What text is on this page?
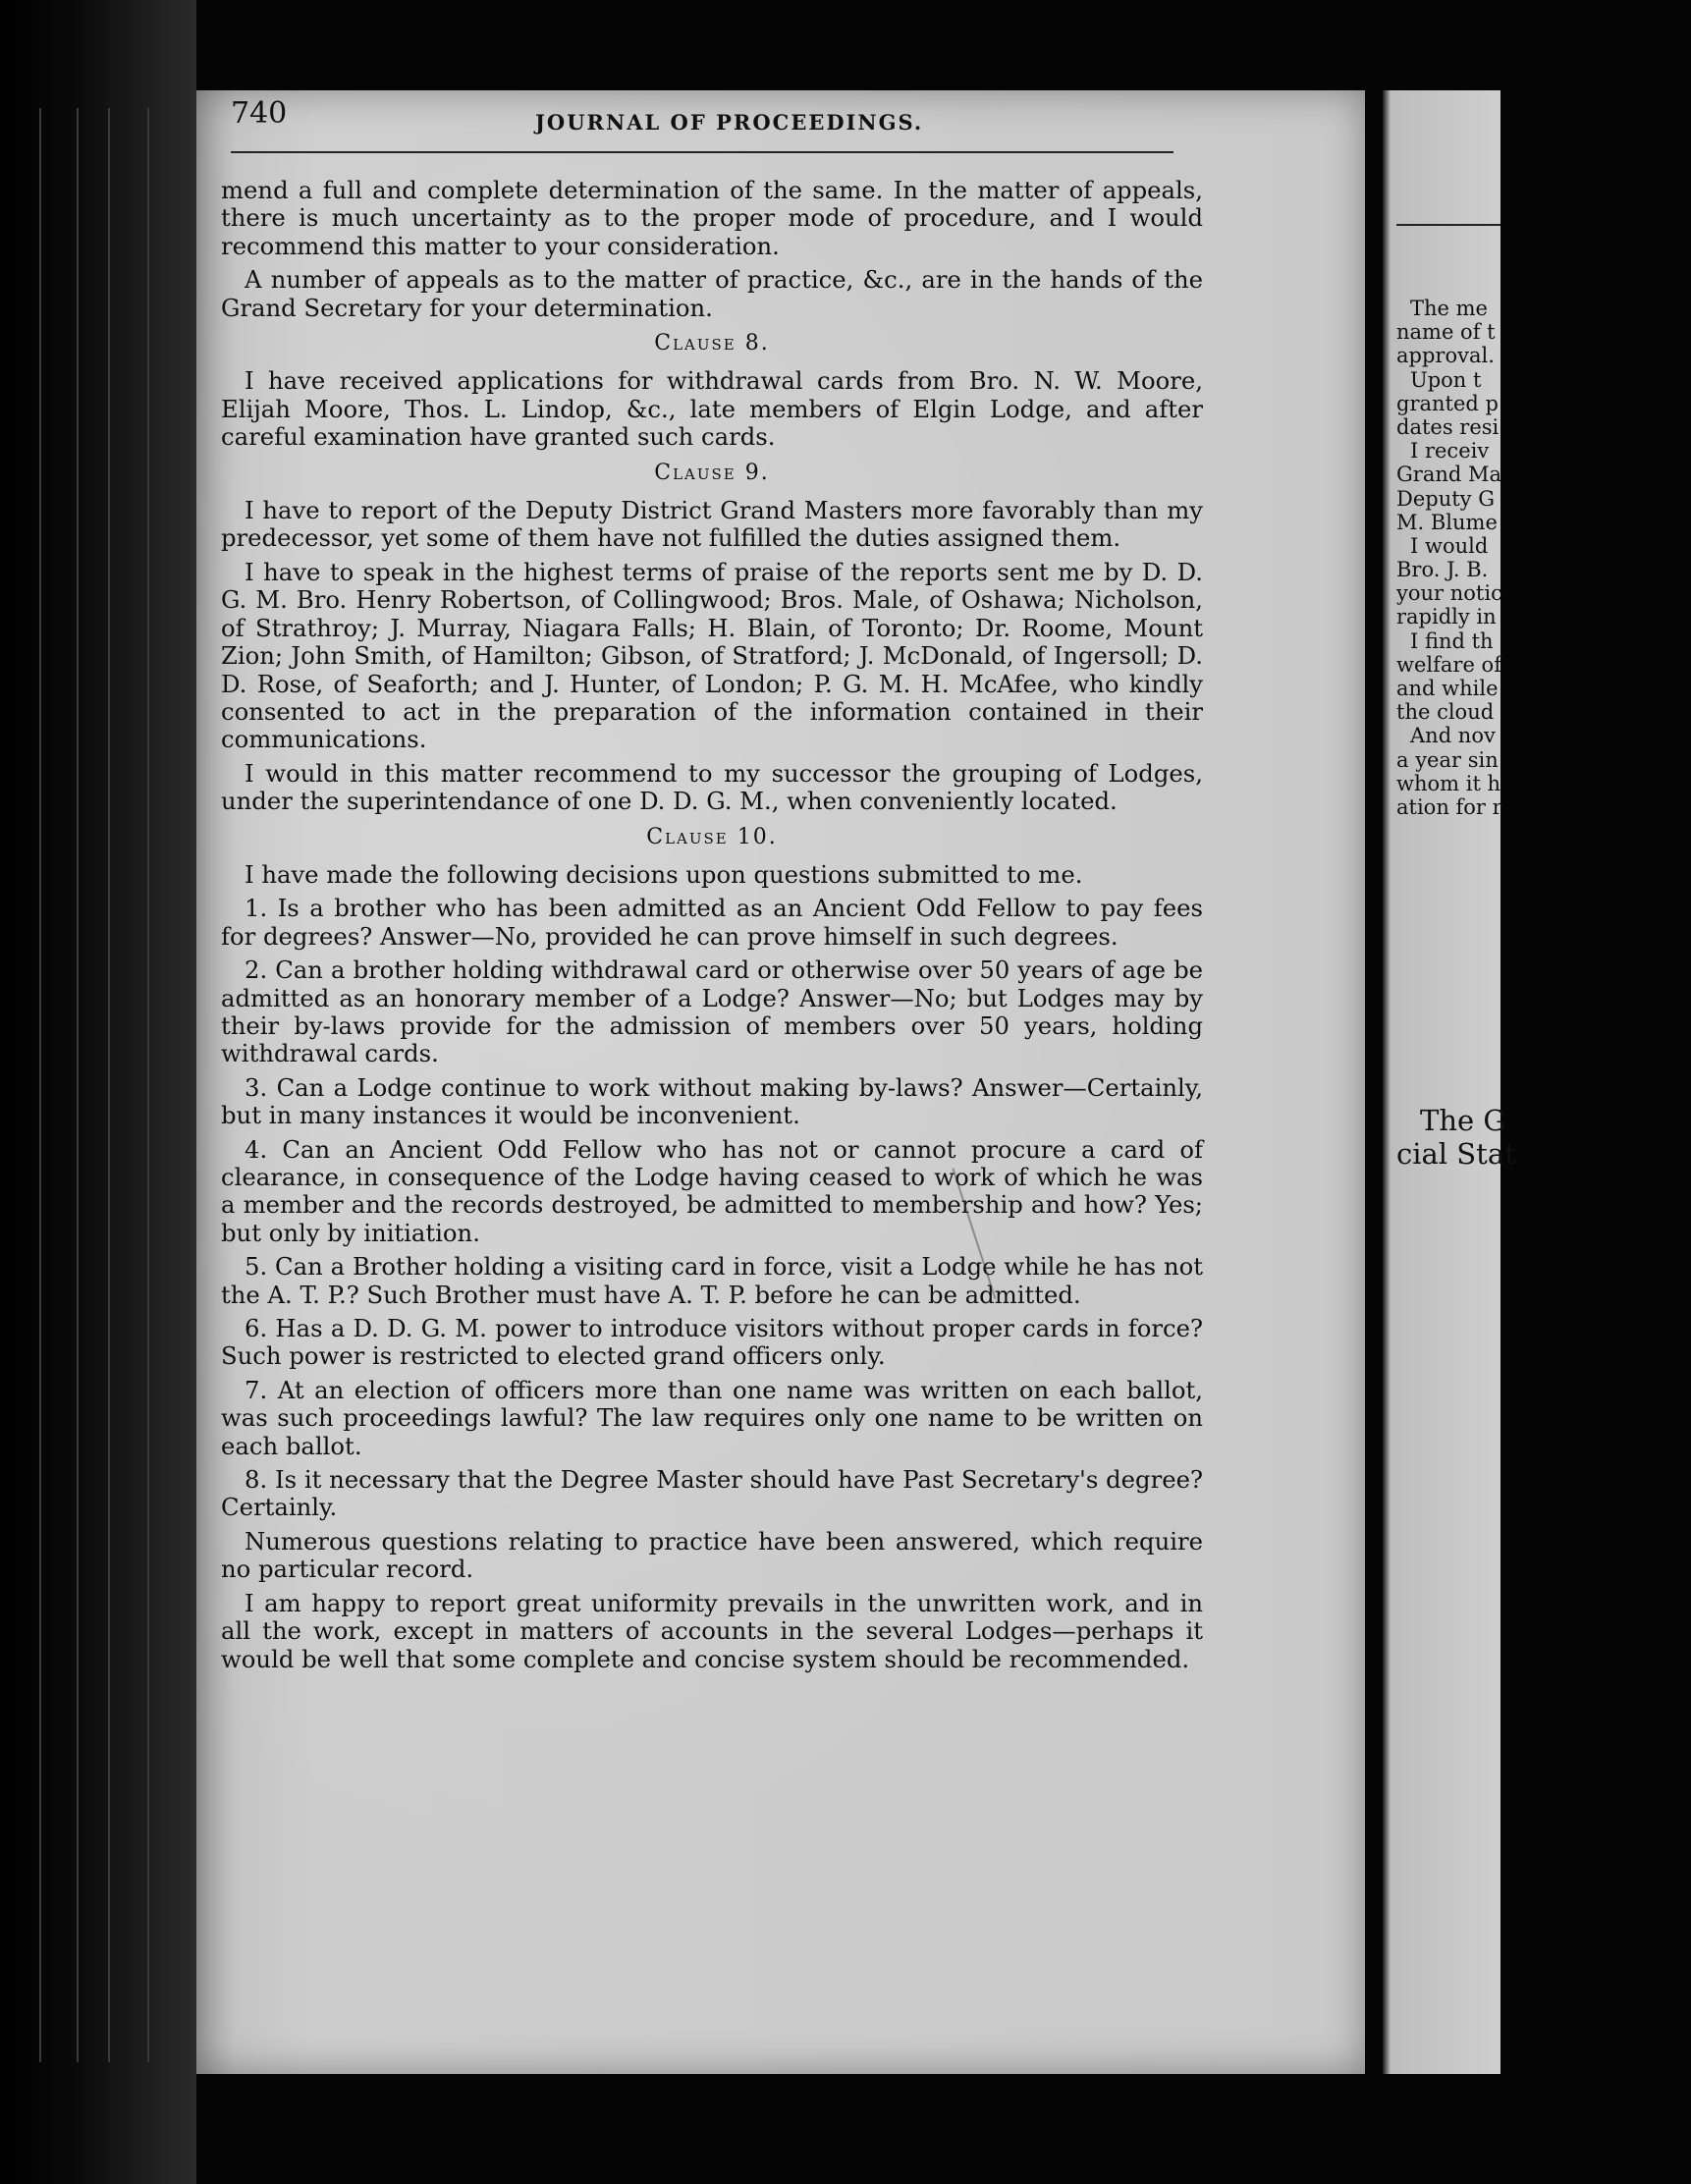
740	JOURNAL OF PROCEEDINGS.

mend a full and complete determination of the same. In the matter of appeals, there is much uncertainty as to the proper mode of procedure, and I would recommend this matter to your consideration.

A number of appeals as to the matter of practice, &c., are in the hands of the Grand Secretary for your determination.

Clause 8.

I have received applications for withdrawal cards from Bro. N. W. Moore, Elijah Moore, Thos. L. Lindop, &c., late members of Elgin Lodge, and after careful examination have granted such cards.

Clause 9.

I have to report of the Deputy District Grand Masters more favorably than my predecessor, yet some of them have not fulfilled the duties assigned them.

I have to speak in the highest terms of praise of the reports sent me by D. D. G. M. Bro. Henry Robertson, of Collingwood; Bros. Male, of Oshawa; Nicholson, of Strathroy; J. Murray, Niagara Falls; H. Blain, of Toronto; Dr. Roome, Mount Zion; John Smith, of Hamilton; Gibson, of Stratford; J. McDonald, of Ingersoll; D. D. Rose, of Seaforth; and J. Hunter, of London; P. G. M. H. McAfee, who kindly consented to act in the preparation of the information contained in their communications.

I would in this matter recommend to my successor the grouping of Lodges, under the superintendance of one D. D. G. M., when conveniently located.

Clause 10.

I have made the following decisions upon questions submitted to me.

1. Is a brother who has been admitted as an Ancient Odd Fellow to pay fees for degrees? Answer—No, provided he can prove himself in such degrees.

2. Can a brother holding withdrawal card or otherwise over 50 years of age be admitted as an honorary member of a Lodge? Answer—No; but Lodges may by their by-laws provide for the admission of members over 50 years, holding withdrawal cards.

3. Can a Lodge continue to work without making by-laws? Answer—Certainly, but in many instances it would be inconvenient.

4. Can an Ancient Odd Fellow who has not or cannot procure a card of clearance, in consequence of the Lodge having ceased to work of which he was a member and the records destroyed, be admitted to membership and how? Yes; but only by initiation.

5. Can a Brother holding a visiting card in force, visit a Lodge while he has not the A. T. P.? Such Brother must have A. T. P. before he can be admitted.

6. Has a D. D. G. M. power to introduce visitors without proper cards in force? Such power is restricted to elected grand officers only.

7. At an election of officers more than one name was written on each ballot, was such proceedings lawful? The law requires only one name to be written on each ballot.

8. Is it necessary that the Degree Master should have Past Secretary's degree? Certainly.

Numerous questions relating to practice have been answered, which require no particular record.

I am happy to report great uniformity prevails in the unwritten work, and in all the work, except in matters of accounts in the several Lodges—perhaps it would be well that some complete and concise system should be recommended.

The me
name of t
approval.
Upon t
granted p
dates resi
I receiv
Grand Ma
Deputy G
M. Blume
I would
Bro. J. B.
your notic
rapidly in
I find th
welfare of
and while
the cloud
And nov
a year sin
whom it h
ation for r
The G
cial Stat
